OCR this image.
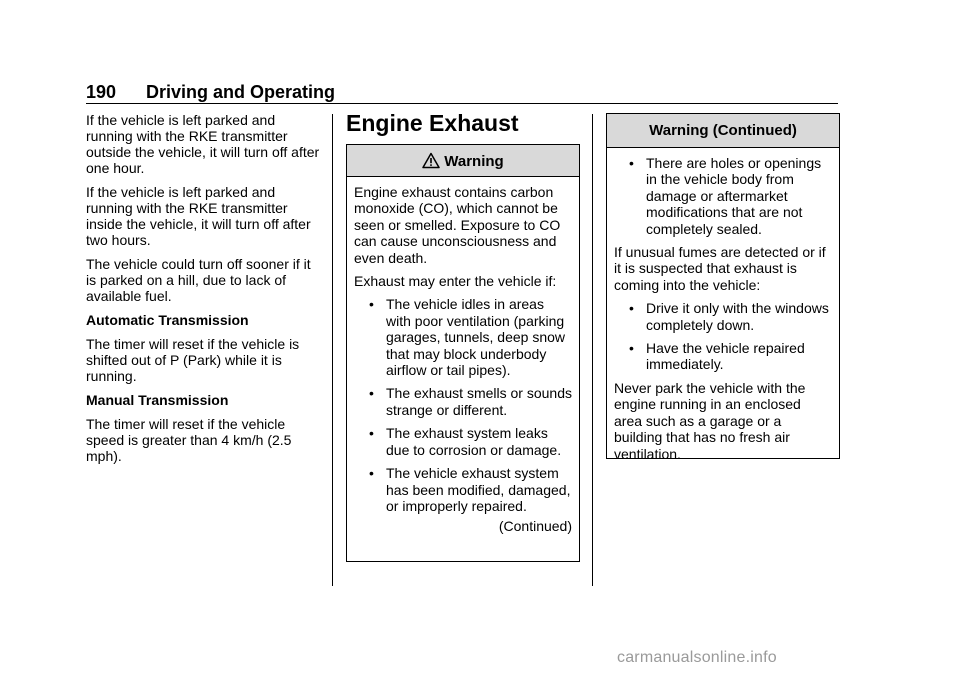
190 Driving and Operating

If the vehicle is left parked and running with the RKE transmitter outside the vehicle, it will turn off after one hour.

If the vehicle is left parked and running with the RKE transmitter inside the vehicle, it will turn off after two hours.

The vehicle could turn off sooner if it is parked on a hill, due to lack of available fuel.

Automatic Transmission

The timer will reset if the vehicle is shifted out of P (Park) while it is running.

Manual Transmission

The timer will reset if the vehicle speed is greater than 4 km/h (2.5 mph).

Engine Exhaust
Warning

Engine exhaust contains carbon monoxide (CO), which cannot be seen or smelled. Exposure to CO can cause unconsciousness and even death.

Exhaust may enter the vehicle if:

• The vehicle idles in areas with poor ventilation (parking garages, tunnels, deep snow that may block underbody airflow or tail pipes).
• The exhaust smells or sounds strange or different.
• The exhaust system leaks due to corrosion or damage.
• The vehicle exhaust system has been modified, damaged, or improperly repaired.
(Continued)
Warning (Continued)
• There are holes or openings in the vehicle body from damage or aftermarket modifications that are not completely sealed.

If unusual fumes are detected or if it is suspected that exhaust is coming into the vehicle:

• Drive it only with the windows completely down.
• Have the vehicle repaired immediately.

Never park the vehicle with the engine running in an enclosed area such as a garage or a building that has no fresh air ventilation.

carmanualsonline.info
